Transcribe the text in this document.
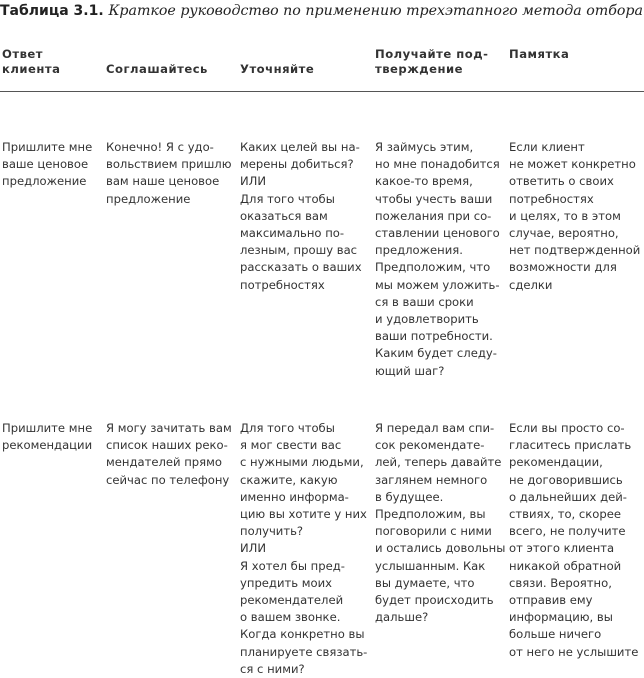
Таблица 3.1. Краткое руководство по применению трехэтапного метода отбора
Ответ
клиента	Соглашайтесь	Уточняйте
Получайте под-
тверждение
Памятка
Пришлите мне
ваше ценовое
предложение
Конечно! Я с удо-
вольствием пришлю
вам наше ценовое
предложение
Каких целей вы на-
мерены добиться?
ИЛИ
Для того чтобы
оказаться вам
максимально по-
лезным, прошу вас
рассказать о ваших
потребностях
Я займусь этим,
но мне понадобится
какое-то время,
чтобы учесть ваши
пожелания при со-
ставлении ценового
предложения.
Предположим, что
мы можем уложить-
ся в ваши сроки
и удовлетворить
ваши потребности.
Каким будет следу-
ющий шаг?
Если клиент
не может конкретно
ответить о своих
потребностях
и целях, то в этом
случае, вероятно,
нет подтвержденной
возможности для
сделки
Пришлите мне
рекомендации
Я могу зачитать вам
список наших реко-
мендателей прямо
сейчас по телефону
Для того чтобы
я мог свести вас
с нужными людьми,
скажите, какую
именно информа-
цию вы хотите у них
получить?
ИЛИ
Я хотел бы пред-
упредить моих
рекомендателей
о вашем звонке.
Когда конкретно вы
планируете связать-
ся с ними?
Я передал вам спи-
сок рекомендате-
лей, теперь давайте
заглянем немного
в будущее.
Предположим, вы
поговорили с ними
и остались довольны
услышанным. Как
вы думаете, что
будет происходить
дальше?
Если вы просто со-
гласитесь прислать
рекомендации,
не договорившись
о дальнейших дей-
ствиях, то, скорее
всего, не получите
от этого клиента
никакой обратной
связи. Вероятно,
отправив ему
информацию, вы
больше ничего
от него не услышите
